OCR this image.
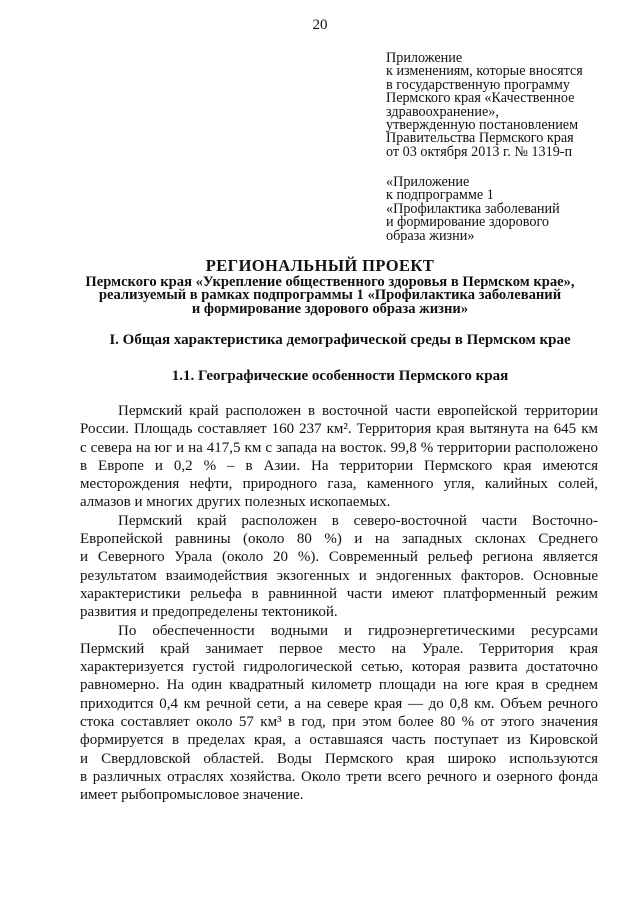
20
Приложение
к изменениям, которые вносятся
в государственную программу
Пермского края «Качественное
здравоохранение»,
утвержденную постановлением
Правительства Пермского края
от 03 октября 2013 г. № 1319-п
«Приложение
к подпрограмме 1
«Профилактика заболеваний
и формирование здорового
образа жизни»
РЕГИОНАЛЬНЫЙ ПРОЕКТ
Пермского края «Укрепление общественного здоровья в Пермском крае»,
реализуемый в рамках подпрограммы 1 «Профилактика заболеваний
и формирование здорового образа жизни»
I. Общая характеристика демографической среды в Пермском крае
1.1. Географические особенности Пермского края
Пермский край расположен в восточной части европейской территории
России. Площадь составляет 160 237 км². Территория края вытянута на 645 км
с севера на юг и на 417,5 км с запада на восток. 99,8 % территории расположено
в Европе и 0,2 % – в Азии. На территории Пермского края имеются
месторождения нефти, природного газа, каменного угля, калийных солей,
алмазов и многих других полезных ископаемых.
Пермский край расположен в северо-восточной части Восточно-
Европейской равнины (около 80 %) и на западных склонах Среднего
и Северного Урала (около 20 %). Современный рельеф региона является
результатом взаимодействия экзогенных и эндогенных факторов. Основные
характеристики рельефа в равнинной части имеют платформенный режим
развития и предопределены тектоникой.
По обеспеченности водными и гидроэнергетическими ресурсами
Пермский край занимает первое место на Урале. Территория края
характеризуется густой гидрологической сетью, которая развита достаточно
равномерно. На один квадратный километр площади на юге края в среднем
приходится 0,4 км речной сети, а на севере края — до 0,8 км. Объем речного
стока составляет около 57 км³ в год, при этом более 80 % от этого значения
формируется в пределах края, а оставшаяся часть поступает из Кировской
и Свердловской областей. Воды Пермского края широко используются
в различных отраслях хозяйства. Около трети всего речного и озерного фонда
имеет рыбопромысловое значение.
